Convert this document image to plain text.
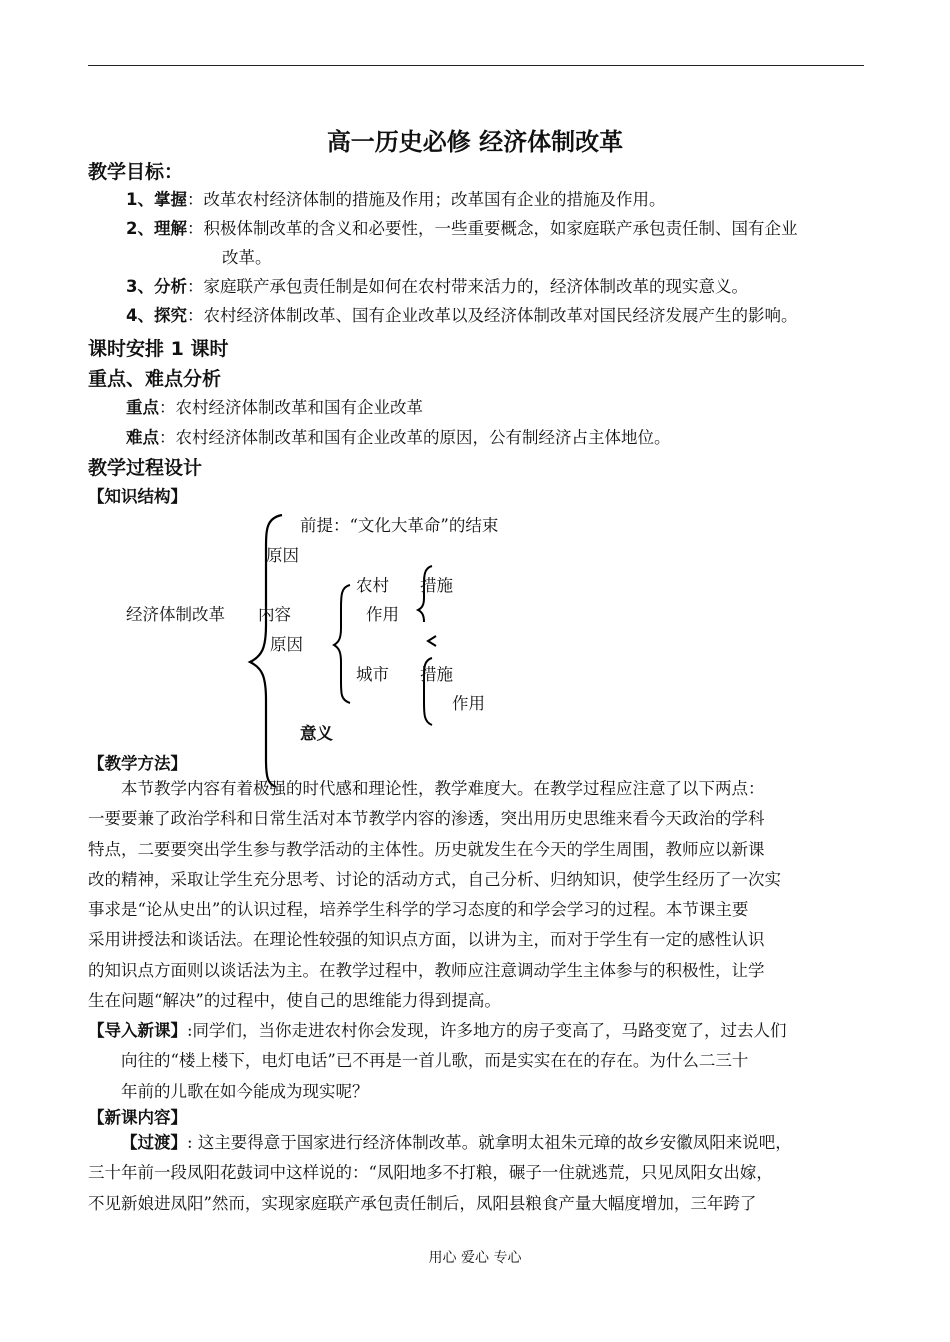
高一历史必修 经济体制改革
教学目标：
1、掌握：改革农村经济体制的措施及作用；改革国有企业的措施及作用。
2、理解：积极体制改革的含义和必要性，一些重要概念，如家庭联产承包责任制、国有企业
改革。
3、分析：家庭联产承包责任制是如何在农村带来活力的，经济体制改革的现实意义。
4、探究：农村经济体制改革、国有企业改革以及经济体制改革对国民经济发展产生的影响。
课时安排 1 课时
重点、难点分析
重点：农村经济体制改革和国有企业改革
难点：农村经济体制改革和国有企业改革的原因，公有制经济占主体地位。
教学过程设计
【知识结构】
前提：“文化大革命”的结束
原因
农村 措施
经济体制改革 内容	作用
原因
城市 措施
作用
意义
【教学方法】

本节教学内容有着极强的时代感和理论性，教学难度大。在教学过程应注意了以下两点：

一要要兼了政治学科和日常生活对本节教学内容的渗透，突出用历史思维来看今天政治的学科

特点，二要要突出学生参与教学活动的主体性。历史就发生在今天的学生周围，教师应以新课

改的精神，采取让学生充分思考、讨论的活动方式，自己分析、归纳知识，使学生经历了一次实

事求是“论从史出”的认识过程，培养学生科学的学习态度的和学会学习的过程。本节课主要

采用讲授法和谈话法。在理论性较强的知识点方面，以讲为主，而对于学生有一定的感性认识

的知识点方面则以谈话法为主。在教学过程中，教师应注意调动学生主体参与的积极性，让学

生在问题“解决”的过程中，使自己的思维能力得到提高。

【导入新课】:同学们，当你走进农村你会发现，许多地方的房子变高了，马路变宽了，过去人们

向往的“楼上楼下，电灯电话”已不再是一首儿歌，而是实实在在的存在。为什么二三十

年前的儿歌在如今能成为现实呢？

【新课内容】

【过渡】: 这主要得意于国家进行经济体制改革。就拿明太祖朱元璋的故乡安徽凤阳来说吧，

三十年前一段凤阳花鼓词中这样说的：“凤阳地多不打粮，碾子一住就逃荒，只见凤阳女出嫁，

不见新娘进凤阳”然而，实现家庭联产承包责任制后，凤阳县粮食产量大幅度增加，三年跨了

用心 爱心 专心
